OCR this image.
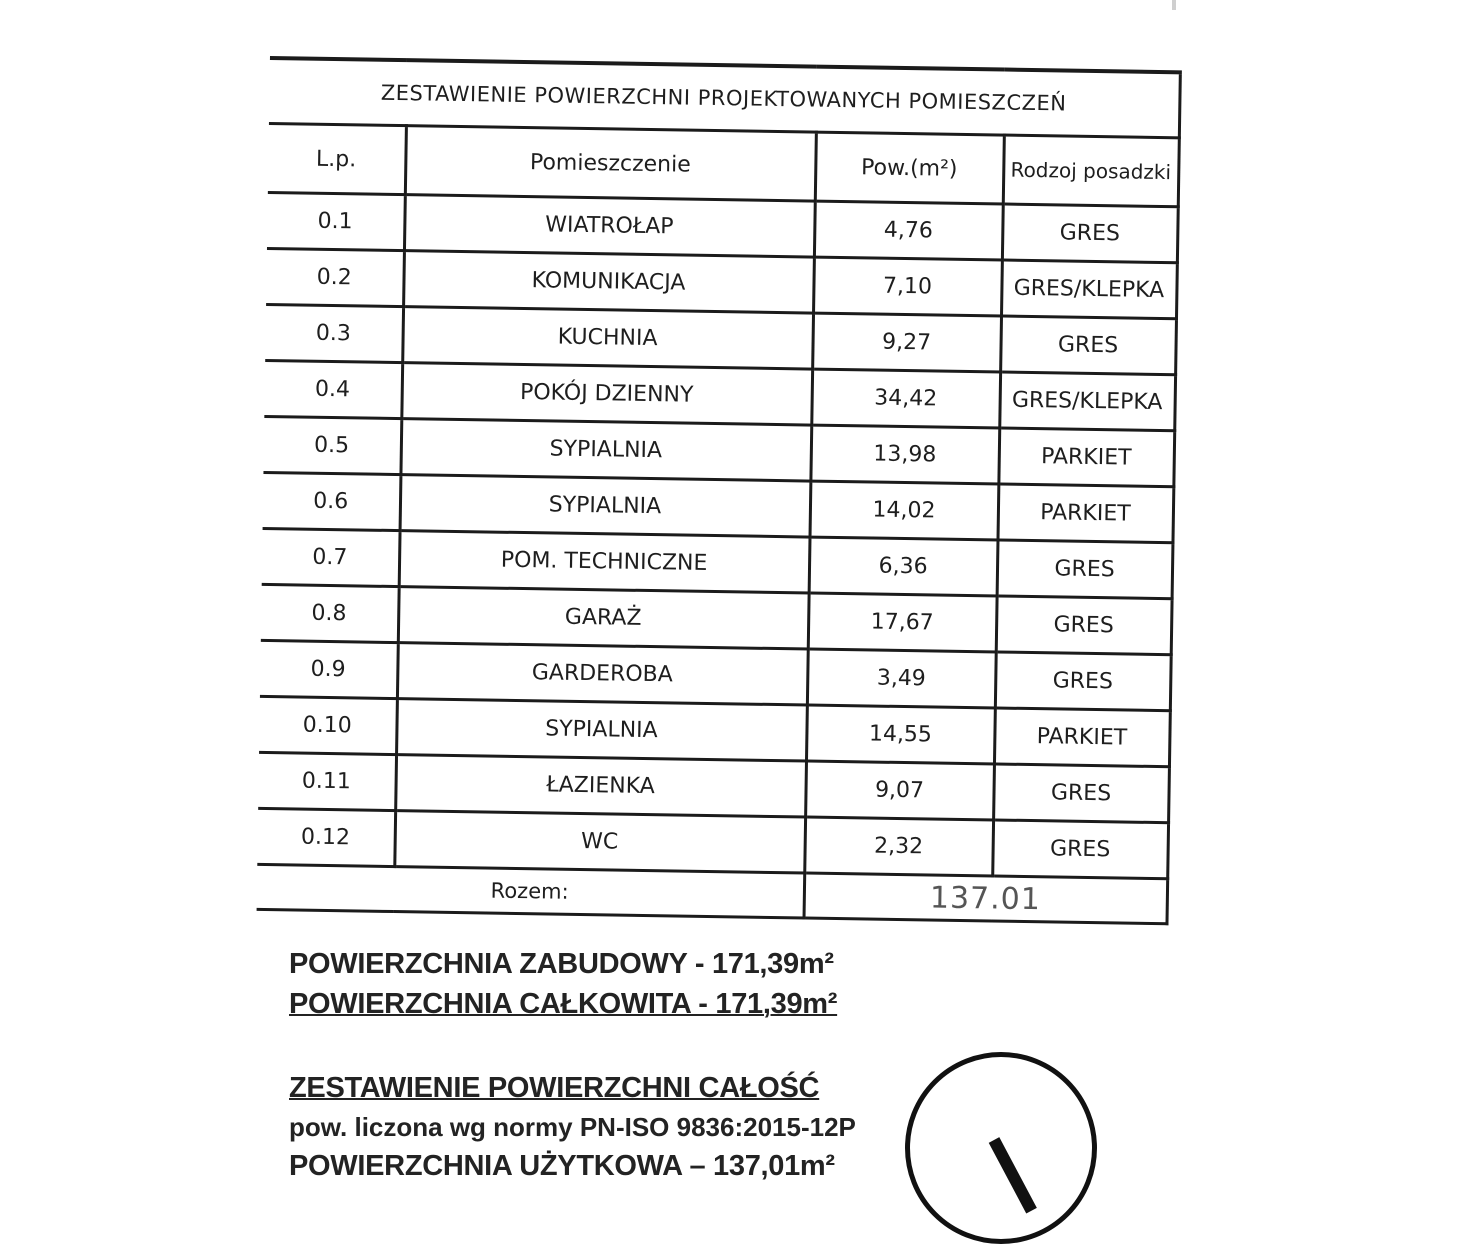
ZESTAWIENIE POWIERZCHNI PROJEKTOWANYCH POMIESZCZEŃ			
L.p.	Pomieszczenie	Pow.(m²)	Rodzoj posadzki
0.1	WIATROŁAP	4,76	GRES
0.2	KOMUNIKACJA	7,10	GRES/KLEPKA
0.3	KUCHNIA	9,27	GRES
0.4	POKÓJ DZIENNY	34,42	GRES/KLEPKA
0.5	SYPIALNIA	13,98	PARKIET
0.6	SYPIALNIA	14,02	PARKIET
0.7	POM. TECHNICZNE	6,36	GRES
0.8	GARAŻ	17,67	GRES
0.9	GARDEROBA	3,49	GRES
0.10	SYPIALNIA	14,55	PARKIET
0.11	ŁAZIENKA	9,07	GRES
0.12	WC	2,32	GRES
Rozem:		137.01	
POWIERZCHNIA ZABUDOWY - 171,39m²
POWIERZCHNIA CAŁKOWITA - 171,39m²
ZESTAWIENIE POWIERZCHNI CAŁOŚĆ
pow. liczona wg normy PN-ISO 9836:2015-12P
POWIERZCHNIA UŻYTKOWA – 137,01m²
